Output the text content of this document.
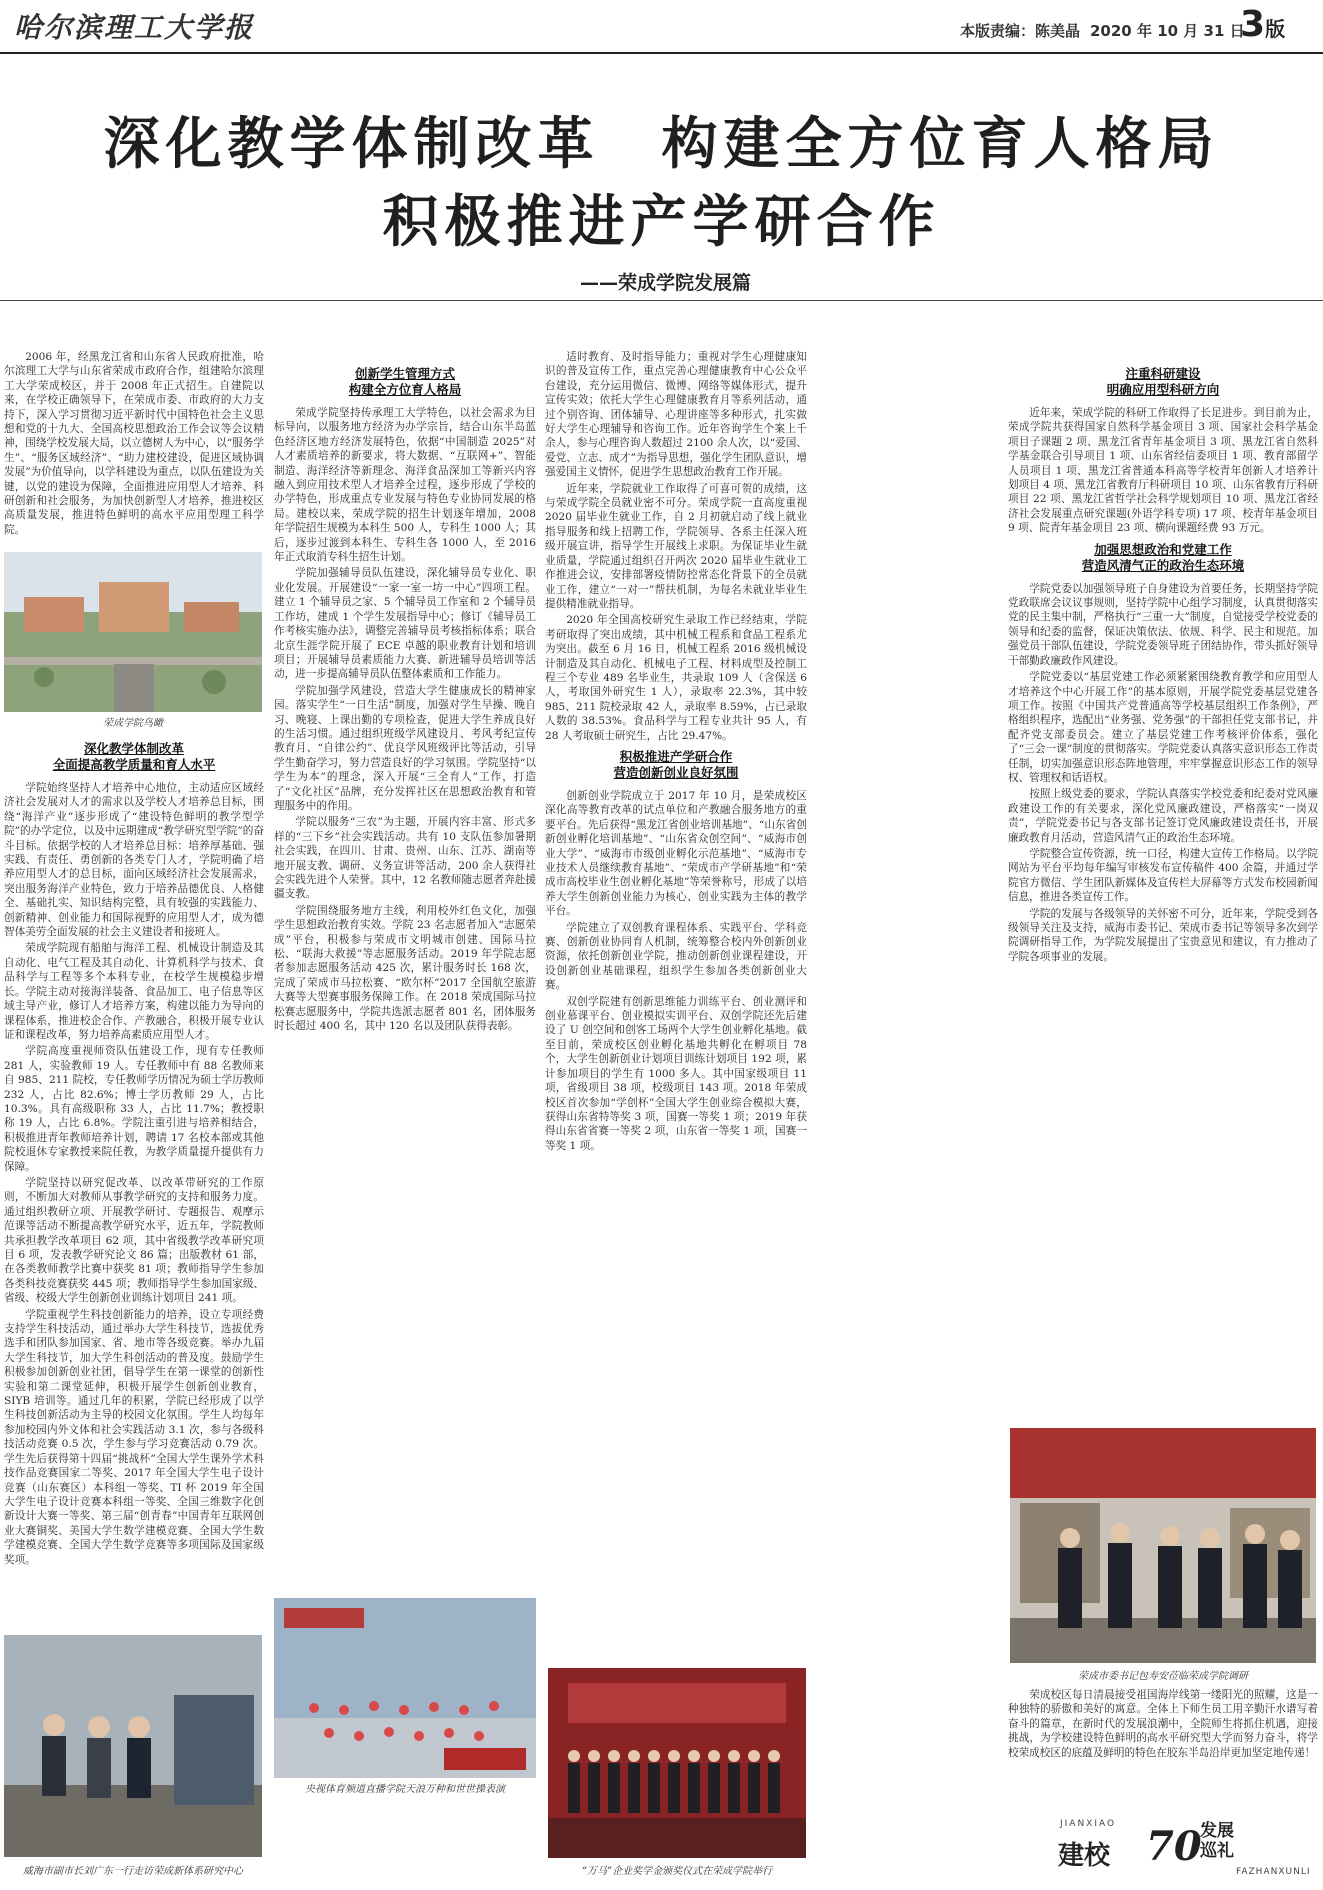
哈尔滨理工大学报	本版责编：陈美晶 2020 年 10 月 31 日
3版
深化教学体制改革　构建全方位育人格局
积极推进产学研合作
——荣成学院发展篇

2006 年，经黑龙江省和山东省人民政府批准，哈尔滨理工大学与山东省荣成市政府合作，组建哈尔滨理工大学荣成校区，并于 2008 年正式招生。自建院以来，在学校正确领导下，在荣成市委、市政府的大力支持下，深入学习贯彻习近平新时代中国特色社会主义思想和党的十九大、全国高校思想政治工作会议等会议精神，围绕学校发展大局，以立德树人为中心，以“服务学生”、“服务区域经济”、“助力建校建设，促进区域协调发展”为价值导向，以学科建设为重点，以队伍建设为关键，以党的建设为保障，全面推进应用型人才培养、科研创新和社会服务，为加快创新型人才培养，推进校区高质量发展，推进特色鲜明的高水平应用型理工科学院。

荣成学院鸟瞰
深化教学体制改革
全面提高教学质量和育人水平

学院始终坚持人才培养中心地位，主动适应区域经济社会发展对人才的需求以及学校人才培养总目标，围绕“海洋产业”逐步形成了“建设特色鲜明的教学型学院”的办学定位，以及中远期建成“教学研究型学院”的奋斗目标。依据学校的人才培养总目标：培养厚基础、强实践、有责任、勇创新的各类专门人才，学院明确了培养应用型人才的总目标，面向区域经济社会发展需求，突出服务海洋产业特色，致力于培养品德优良、人格健全、基础扎实、知识结构完整，具有较强的实践能力、创新精神、创业能力和国际视野的应用型人才，成为德智体美劳全面发展的社会主义建设者和接班人。

荣成学院现有船舶与海洋工程、机械设计制造及其自动化、电气工程及其自动化、计算机科学与技术、食品科学与工程等多个本科专业，在校学生规模稳步增长。学院主动对接海洋装备、食品加工、电子信息等区域主导产业，修订人才培养方案，构建以能力为导向的课程体系，推进校企合作、产教融合，积极开展专业认证和课程改革，努力培养高素质应用型人才。

学院高度重视师资队伍建设工作，现有专任教师 281 人，实验教师 19 人。专任教师中有 88 名教师来自 985、211 院校，专任教师学历情况为硕士学历教师 232 人，占比 82.6%；博士学历教师 29 人，占比 10.3%。具有高级职称 33 人，占比 11.7%；教授职称 19 人，占比 6.8%。学院注重引进与培养相结合，积极推进青年教师培养计划，聘请 17 名校本部或其他院校退休专家教授来院任教，为教学质量提升提供有力保障。

学院坚持以研究促改革、以改革带研究的工作原则，不断加大对教师从事教学研究的支持和服务力度。通过组织教研立项、开展教学研讨、专题报告、观摩示范课等活动不断提高教学研究水平，近五年，学院教师共承担教学改革项目 62 项，其中省级教学改革研究项目 6 项，发表教学研究论文 86 篇；出版教材 61 部，在各类教师教学比赛中获奖 81 项；教师指导学生参加各类科技竞赛获奖 445 项；教师指导学生参加国家级、省级、校级大学生创新创业训练计划项目 241 项。

学院重视学生科技创新能力的培养，设立专项经费支持学生科技活动，通过举办大学生科技节，选拔优秀选手和团队参加国家、省、地市等各级竞赛。举办九届大学生科技节，加大学生科创活动的普及度。鼓励学生积极参加创新创业社团，倡导学生在第一课堂的创新性实验和第二课堂延伸，积极开展学生创新创业教育，SIYB 培训等。通过几年的积累，学院已经形成了以学生科技创新活动为主导的校园文化氛围。学生人均每年参加校园内外文体和社会实践活动 3.1 次，参与各级科技活动竞赛 0.5 次，学生参与学习竞赛活动 0.79 次。学生先后获得第十四届“挑战杯”全国大学生课外学术科技作品竞赛国家二等奖、2017 年全国大学生电子设计竞赛（山东赛区）本科组一等奖、TI 杯 2019 年全国大学生电子设计竞赛本科组一等奖、全国三维数字化创新设计大赛一等奖、第三届“创青春”中国青年互联网创业大赛铜奖、美国大学生数学建模竞赛、全国大学生数学建模竞赛、全国大学生数学竞赛等多项国际及国家级奖项。

威海市副市长刘广东一行走访荣成新体系研究中心
创新学生管理方式
构建全方位育人格局

荣成学院坚持传承理工大学特色，以社会需求为目标导向，以服务地方经济为办学宗旨，结合山东半岛蓝色经济区地方经济发展特色，依据“中国制造 2025”对人才素质培养的新要求，将大数据、“互联网+”、智能制造、海洋经济等新理念、海洋食品深加工等新兴内容融入到应用技术型人才培养全过程，逐步形成了学校的办学特色，形成重点专业发展与特色专业协同发展的格局。建校以来，荣成学院的招生计划逐年增加，2008 年学院招生规模为本科生 500 人，专科生 1000 人；其后，逐步过渡到本科生、专科生各 1000 人，至 2016 年正式取消专科生招生计划。

学院加强辅导员队伍建设，深化辅导员专业化、职业化发展。开展建设“一家一室一坊一中心”四项工程。建立 1 个辅导员之家、5 个辅导员工作室和 2 个辅导员工作坊，建成 1 个学生发展指导中心；修订《辅导员工作考核实施办法》，调整完善辅导员考核指标体系；联合北京生涯学院开展了 ECE 卓越的职业教育计划和培训项目；开展辅导员素质能力大赛、新进辅导员培训等活动，进一步提高辅导员队伍整体素质和工作能力。

学院加强学风建设，营造大学生健康成长的精神家园。落实学生“一日生活”制度，加强对学生早操、晚自习、晚寝、上课出勤的专项检查，促进大学生养成良好的生活习惯。通过组织班级学风建设月、考风考纪宣传教育月、“自律公约”、优良学风班级评比等活动，引导学生勤奋学习，努力营造良好的学习氛围。学院坚持“以学生为本”的理念，深入开展“三全育人”工作，打造了“文化社区”品牌，充分发挥社区在思想政治教育和管理服务中的作用。

学院以服务“三农”为主题，开展内容丰富、形式多样的“三下乡”社会实践活动。共有 10 支队伍参加暑期社会实践，在四川、甘肃、贵州、山东、江苏、湖南等地开展支教、调研、义务宣讲等活动，200 余人获得社会实践先进个人荣誉。其中，12 名教师随志愿者奔赴援疆支教。

学院围绕服务地方主线，利用校外红色文化，加强学生思想政治教育实效。学院 23 名志愿者加入“志愿荣成”平台，积极参与荣成市文明城市创建、国际马拉松、“联海大救援”等志愿服务活动。2019 年学院志愿者参加志愿服务活动 425 次，累计服务时长 168 次，完成了荣成市马拉松赛、“欧尔杯”2017 全国航空旅游大赛等大型赛事服务保障工作。在 2018 荣成国际马拉松赛志愿服务中，学院共选派志愿者 801 名，团体服务时长超过 400 名，其中 120 名以及团队获得表彰。

央视体育频道直播学院天浪万种和世世操表演

适时教育、及时指导能力；重视对学生心理健康知识的普及宣传工作，重点完善心理健康教育中心公众平台建设，充分运用微信、微博、网络等媒体形式，提升宣传实效；依托大学生心理健康教育月等系列活动，通过个别咨询、团体辅导、心理讲座等多种形式，扎实做好大学生心理辅导和咨询工作。近年咨询学生个案上千余人，参与心理咨询人数超过 2100 余人次，以“爱国、爱党、立志、成才”为指导思想，强化学生团队意识，增强爱国主义情怀，促进学生思想政治教育工作开展。

近年来，学院就业工作取得了可喜可贺的成绩，这与荣成学院全员就业密不可分。荣成学院一直高度重视 2020 届毕业生就业工作，自 2 月初就启动了线上就业指导服务和线上招聘工作，学院领导、各系主任深入班级开展宣讲，指导学生开展线上求职。为保证毕业生就业质量，学院通过组织召开两次 2020 届毕业生就业工作推进会议，安排部署疫情防控常态化背景下的全员就业工作，建立“一对一”帮扶机制，为每名未就业毕业生提供精准就业指导。

2020 年全国高校研究生录取工作已经结束，学院考研取得了突出成绩，其中机械工程系和食品工程系尤为突出。截至 6 月 16 日，机械工程系 2016 级机械设计制造及其自动化、机械电子工程、材料成型及控制工程三个专业 489 名毕业生，共录取 109 人（含保送 6 人，考取国外研究生 1 人），录取率 22.3%，其中较 985、211 院校录取 42 人，录取率 8.59%，占已录取人数的 38.53%。食品科学与工程专业共计 95 人，有 28 人考取硕士研究生，占比 29.47%。

积极推进产学研合作
营造创新创业良好氛围

创新创业学院成立于 2017 年 10 月，是荣成校区深化高等教育改革的试点单位和产教融合服务地方的重要平台。先后获得“黑龙江省创业培训基地”、“山东省创新创业孵化培训基地”、“山东省众创空间”、“威海市创业大学”、“威海市市级创业孵化示范基地”、“威海市专业技术人员继续教育基地”、“荣成市产学研基地”和“荣成市高校毕业生创业孵化基地”等荣誉称号，形成了以培养大学生创新创业能力为核心、创业实践为主体的教学平台。

学院建立了双创教育课程体系、实践平台、学科竞赛、创新创业协同育人机制，统筹整合校内外创新创业资源，依托创新创业学院，推动创新创业课程建设，开设创新创业基础课程，组织学生参加各类创新创业大赛。

双创学院建有创新思维能力训练平台、创业测评和创业慕课平台、创业模拟实训平台、双创学院还先后建设了 U 创空间和创客工场两个大学生创业孵化基地。截至目前，荣成校区创业孵化基地共孵化在孵项目 78 个，大学生创新创业计划项目训练计划项目 192 项，累计参加项目的学生有 1000 多人。其中国家级项目 11 项，省级项目 38 项，校级项目 143 项。2018 年荣成校区首次参加“学创杯”全国大学生创业综合模拟大赛，获得山东省特等奖 3 项，国赛一等奖 1 项；2019 年获得山东省省赛一等奖 2 项，山东省一等奖 1 项，国赛一等奖 1 项。

“万马”企业奖学金颁奖仪式在荣成学院举行
注重科研建设
明确应用型科研方向

近年来，荣成学院的科研工作取得了长足进步。到目前为止，荣成学院共获得国家自然科学基金项目 3 项、国家社会科学基金项目子课题 2 项、黑龙江省青年基金项目 3 项、黑龙江省自然科学基金联合引导项目 1 项、山东省经信委项目 1 项、教育部留学人员项目 1 项、黑龙江省普通本科高等学校青年创新人才培养计划项目 4 项、黑龙江省教育厅科研项目 10 项、山东省教育厅科研项目 22 项、黑龙江省哲学社会科学规划项目 10 项、黑龙江省经济社会发展重点研究课题(外语学科专项) 17 项、校青年基金项目 9 项、院青年基金项目 23 项、横向课题经费 93 万元。

加强思想政治和党建工作
营造风清气正的政治生态环境

学院党委以加强领导班子自身建设为首要任务，长期坚持学院党政联席会议议事规则，坚持学院中心组学习制度，认真贯彻落实党的民主集中制，严格执行“三重一大”制度，自觉接受学校党委的领导和纪委的监督，保证决策依法、依规、科学、民主和规范。加强党员干部队伍建设，学院党委领导班子团结协作，带头抓好领导干部勤政廉政作风建设。

学院党委以“基层党建工作必须紧紧围绕教育教学和应用型人才培养这个中心开展工作”的基本原则，开展学院党委基层党建各项工作。按照《中国共产党普通高等学校基层组织工作条例》，严格组织程序，选配出“业务强、党务强”的干部担任党支部书记，并配齐党支部委员会。建立了基层党建工作考核评价体系，强化了“三会一课”制度的贯彻落实。学院党委认真落实意识形态工作责任制，切实加强意识形态阵地管理，牢牢掌握意识形态工作的领导权、管理权和话语权。

按照上级党委的要求，学院认真落实学校党委和纪委对党风廉政建设工作的有关要求，深化党风廉政建设，严格落实“一岗双责”，学院党委书记与各支部书记签订党风廉政建设责任书，开展廉政教育月活动，营造风清气正的政治生态环境。

学院整合宣传资源，统一口径，构建大宣传工作格局。以学院网站为平台平均每年编写审核发布宣传稿件 400 余篇，并通过学院官方微信、学生团队新媒体及宣传栏大屏幕等方式发布校园新闻信息，推进各类宣传工作。

学院的发展与各级领导的关怀密不可分，近年来，学院受到各级领导关注及支持，威海市委书记、荣成市委书记等领导多次到学院调研指导工作，为学院发展提出了宝贵意见和建议，有力推动了学院各项事业的发展。

荣成市委书记包寿安莅临荣成学院调研

荣成校区每日清晨接受祖国海岸线第一缕阳光的照耀，这是一种独特的骄傲和美好的寓意。全体上下师生员工用辛勤汗水谱写着奋斗的篇章，在新时代的发展浪潮中，全院师生将抓住机遇，迎接挑战，为学校建设特色鲜明的高水平研究型大学而努力奋斗，将学校荣成校区的底蕴及鲜明的特色在胶东半岛沿岸更加坚定地传递！

JIANXIAO
建校 70
发展巡礼
FAZHANXUNLI
